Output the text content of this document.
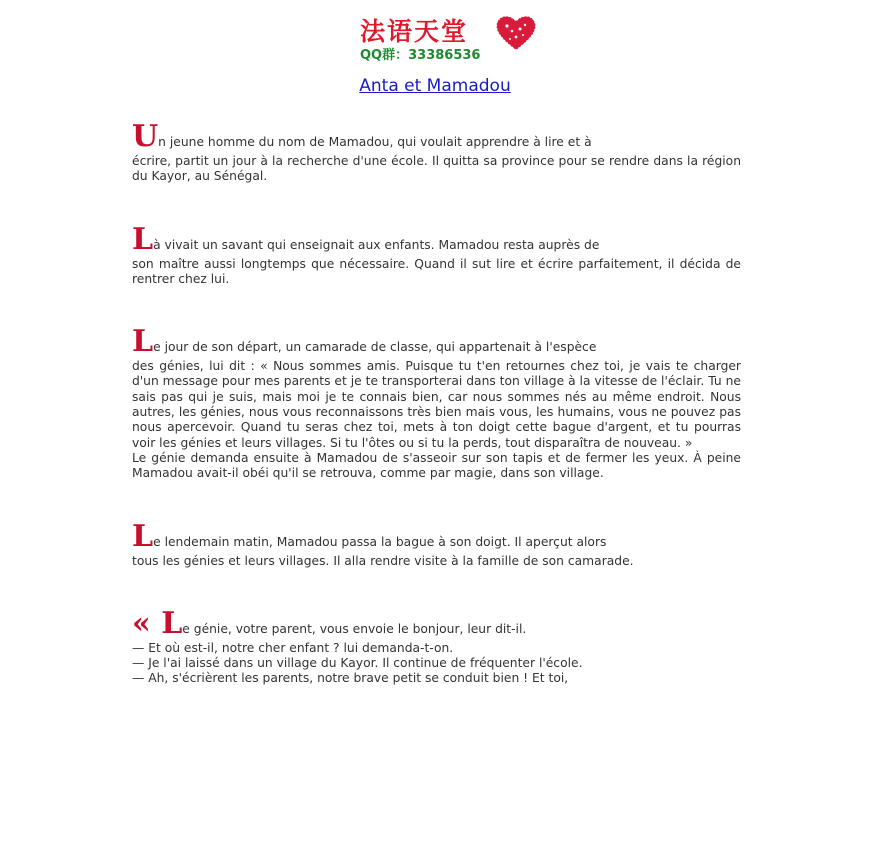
法语天堂
QQ群：33386536
Anta et Mamadou

Un jeune homme du nom de Mamadou, qui voulait apprendre à lire et à
écrire, partit un jour à la recherche d'une école. Il quitta sa province pour se rendre dans la région du Kayor, au Sénégal.

Là vivait un savant qui enseignait aux enfants. Mamadou resta auprès de
son maître aussi longtemps que nécessaire. Quand il sut lire et écrire parfaitement, il décida de rentrer chez lui.

Le jour de son départ, un camarade de classe, qui appartenait à l'espèce
des génies, lui dit : « Nous sommes amis. Puisque tu t'en retournes chez toi, je vais te charger d'un message pour mes parents et je te transporterai dans ton village à la vitesse de l'éclair. Tu ne sais pas qui je suis, mais moi je te connais bien, car nous sommes nés au même endroit. Nous autres, les génies, nous vous reconnaissons très bien mais vous, les humains, vous ne pouvez pas nous apercevoir. Quand tu seras chez toi, mets à ton doigt cette bague d'argent, et tu pourras voir les génies et leurs villages. Si tu l'ôtes ou si tu la perds, tout disparaîtra de nouveau. »
Le génie demanda ensuite à Mamadou de s'asseoir sur son tapis et de fermer les yeux. À peine Mamadou avait-il obéi qu'il se retrouva, comme par magie, dans son village.

Le lendemain matin, Mamadou passa la bague à son doigt. Il aperçut alors
tous les génies et leurs villages. Il alla rendre visite à la famille de son camarade.

« Le génie, votre parent, vous envoie le bonjour, leur dit-il.
— Et où est-il, notre cher enfant ? lui demanda-t-on.
— Je l'ai laissé dans un village du Kayor. Il continue de fréquenter l'école.
— Ah, s'écrièrent les parents, notre brave petit se conduit bien ! Et toi,
